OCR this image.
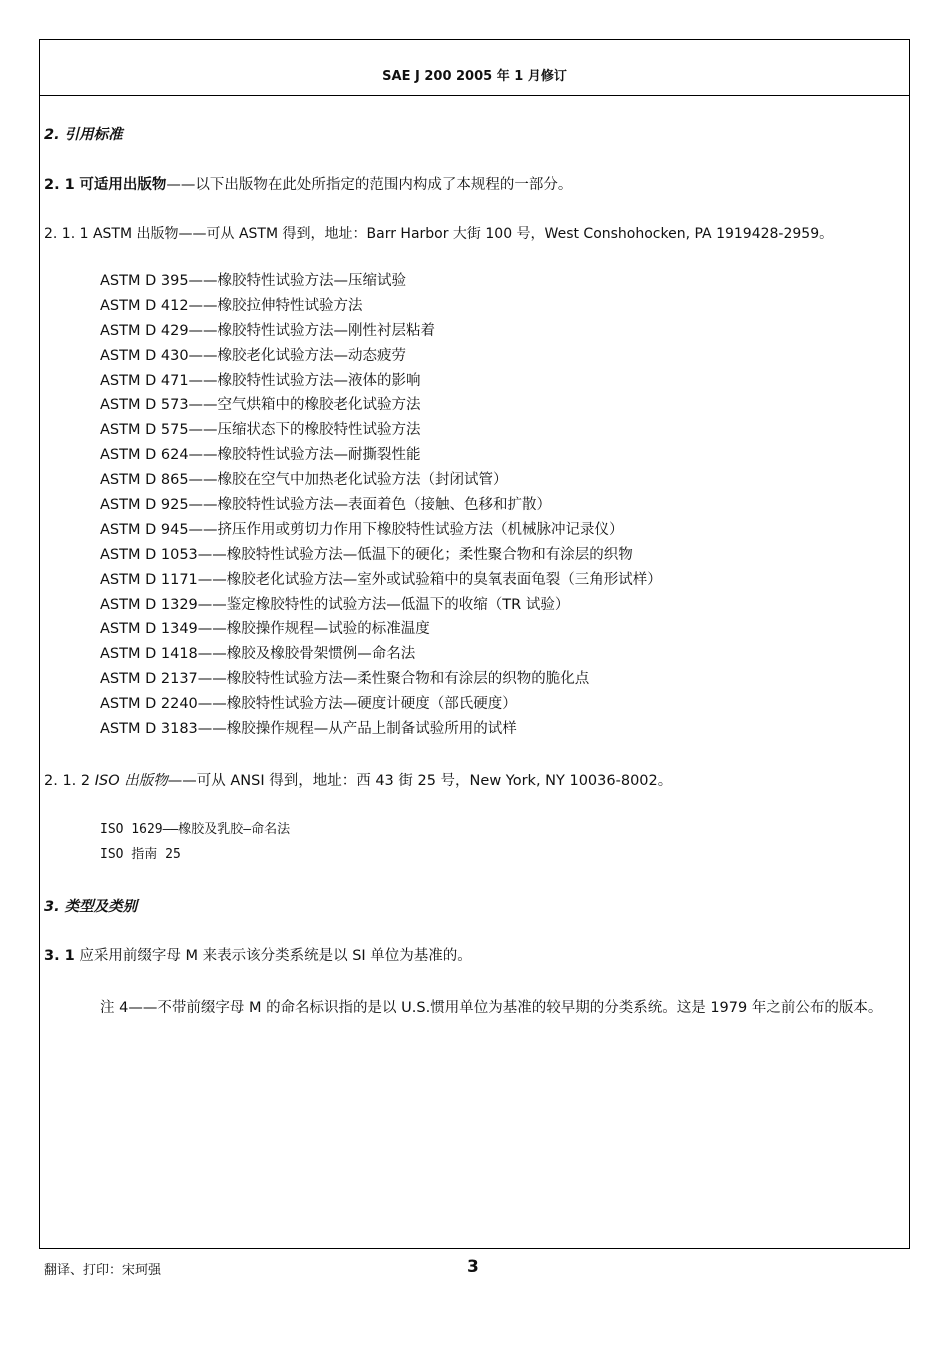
SAE J 200 2005 年 1 月修订
2. 引用标准
2. 1 可适用出版物——以下出版物在此处所指定的范围内构成了本规程的一部分。
2. 1. 1 ASTM 出版物——可从 ASTM 得到，地址：Barr Harbor 大街 100 号，West Conshohocken, PA 1919428-2959。
ASTM D 395——橡胶特性试验方法—压缩试验
ASTM D 412——橡胶拉伸特性试验方法
ASTM D 429——橡胶特性试验方法—刚性衬层粘着
ASTM D 430——橡胶老化试验方法—动态疲劳
ASTM D 471——橡胶特性试验方法—液体的影响
ASTM D 573——空气烘箱中的橡胶老化试验方法
ASTM D 575——压缩状态下的橡胶特性试验方法
ASTM D 624——橡胶特性试验方法—耐撕裂性能
ASTM D 865——橡胶在空气中加热老化试验方法（封闭试管）
ASTM D 925——橡胶特性试验方法—表面着色（接触、色移和扩散）
ASTM D 945——挤压作用或剪切力作用下橡胶特性试验方法（机械脉冲记录仪）
ASTM D 1053——橡胶特性试验方法—低温下的硬化；柔性聚合物和有涂层的织物
ASTM D 1171——橡胶老化试验方法—室外或试验箱中的臭氧表面龟裂（三角形试样）
ASTM D 1329——鉴定橡胶特性的试验方法—低温下的收缩（TR 试验）
ASTM D 1349——橡胶操作规程—试验的标准温度
ASTM D 1418——橡胶及橡胶骨架惯例—命名法
ASTM D 2137——橡胶特性试验方法—柔性聚合物和有涂层的织物的脆化点
ASTM D 2240——橡胶特性试验方法—硬度计硬度（部氏硬度）
ASTM D 3183——橡胶操作规程—从产品上制备试验所用的试样
2. 1. 2 ISO 出版物——可从 ANSI 得到，地址：西 43 街 25 号，New York, NY 10036-8002。
ISO 1629——橡胶及乳胶—命名法
ISO 指南 25
3. 类型及类别
3. 1 应采用前缀字母 M 来表示该分类系统是以 SI 单位为基准的。
注 4——不带前缀字母 M 的命名标识指的是以 U.S.惯用单位为基准的较早期的分类系统。这是 1979 年之前公布的版本。
翻译、打印：宋珂强	3
